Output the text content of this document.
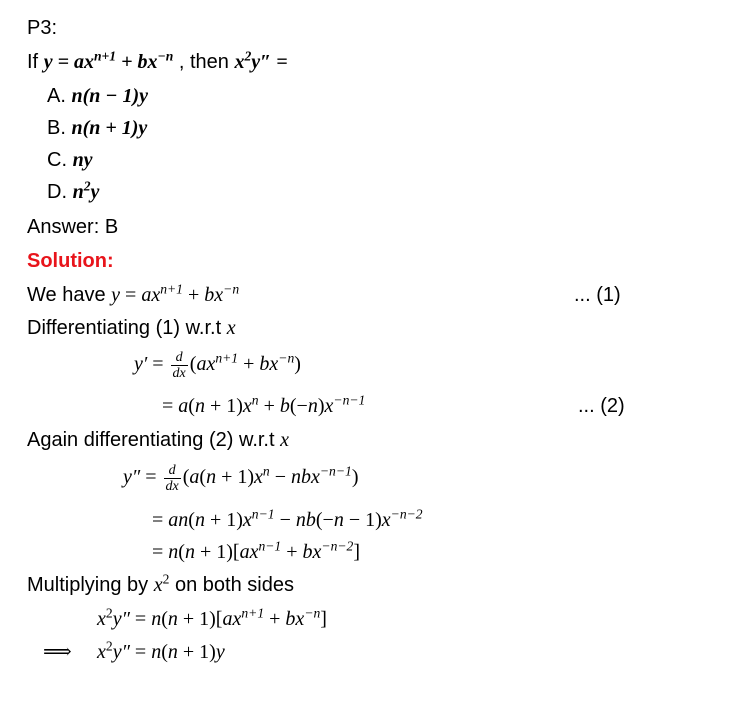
P3:
If $y = ax^{n+1} + bx^{-n}$ , then $x^2y''$ =
A. n(n − 1)y
B. n(n + 1)y
C. ny
D. $n^2y$
Answer: B
Solution:
We have $y = ax^{n+1} + bx^{-n}$	... (1)
Differentiating (1) w.r.t x
$y' = \frac{d}{dx} (ax^{n+1} + bx^{-n})$
= $a(n + 1)x^n + b(-n)x^{-n-1}$	... (2)
Again differentiating (2) w.r.t x
$y'' = \frac{d}{dx} (a(n + 1)x^n - nbx^{-n-1})$
= $an(n + 1)x^{n-1} - nb(-n - 1)x^{-n-2}$
= $n(n + 1)[ax^{n-1} + bx^{-n-2}]$
Multiplying by $x^2$ on both sides
$x^2y'' = n(n + 1)[ax^{n+1} + bx^{-n}]$
⟹ $x^2y'' = n(n + 1)y$
